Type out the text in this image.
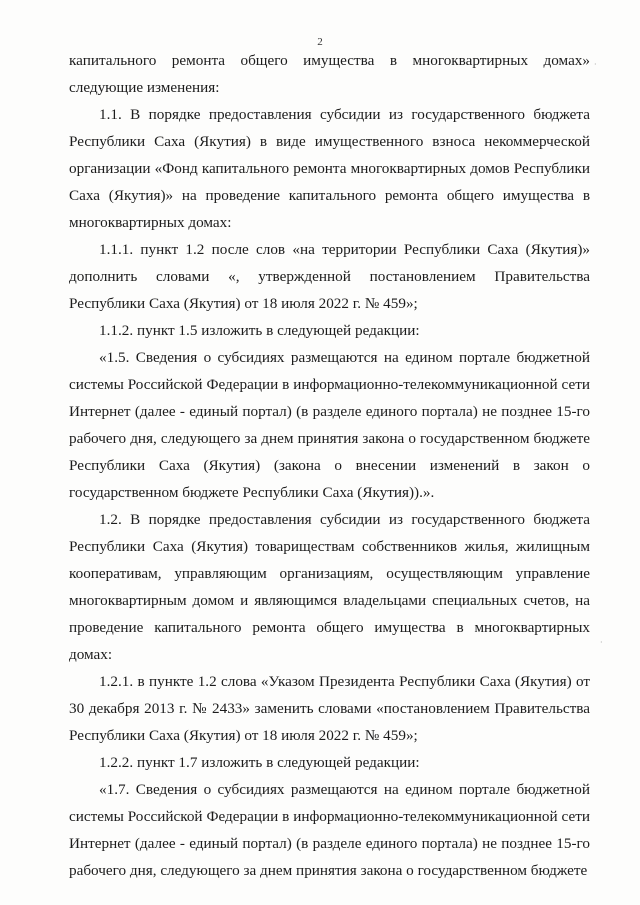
2

капитального ремонта общего имущества в многоквартирных домах» следующие изменения:

1.1. В порядке предоставления субсидии из государственного бюджета Республики Саха (Якутия) в виде имущественного взноса некоммерческой организации «Фонд капитального ремонта многоквартирных домов Республики Саха (Якутия)» на проведение капитального ремонта общего имущества в многоквартирных домах:

1.1.1. пункт 1.2 после слов «на территории Республики Саха (Якутия)» дополнить словами «, утвержденной постановлением Правительства Республики Саха (Якутия) от 18 июля 2022 г. № 459»;

1.1.2. пункт 1.5 изложить в следующей редакции:

«1.5. Сведения о субсидиях размещаются на едином портале бюджетной системы Российской Федерации в информационно-телекоммуникационной сети Интернет (далее - единый портал) (в разделе единого портала) не позднее 15-го рабочего дня, следующего за днем принятия закона о государственном бюджете Республики Саха (Якутия) (закона о внесении изменений в закон о государственном бюджете Республики Саха (Якутия)).».

1.2. В порядке предоставления субсидии из государственного бюджета Республики Саха (Якутия) товариществам собственников жилья, жилищным кооперативам, управляющим организациям, осуществляющим управление многоквартирным домом и являющимся владельцами специальных счетов, на проведение капитального ремонта общего имущества в многоквартирных домах:

1.2.1. в пункте 1.2 слова «Указом Президента Республики Саха (Якутия) от 30 декабря 2013 г. № 2433» заменить словами «постановлением Правительства Республики Саха (Якутия) от 18 июля 2022 г. № 459»;

1.2.2. пункт 1.7 изложить в следующей редакции:

«1.7. Сведения о субсидиях размещаются на едином портале бюджетной системы Российской Федерации в информационно-телекоммуникационной сети Интернет (далее - единый портал) (в разделе единого портала) не позднее 15-го рабочего дня, следующего за днем принятия закона о государственном бюджете

·
·
